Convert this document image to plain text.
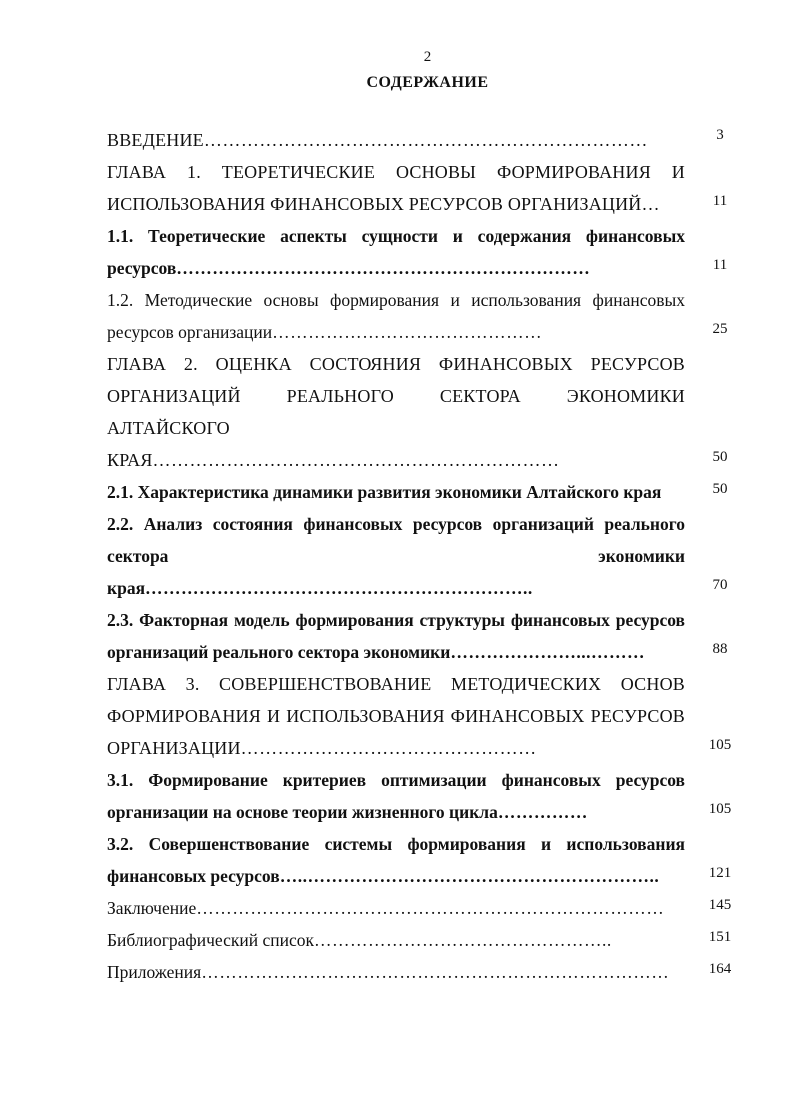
2
СОДЕРЖАНИЕ
ВВЕДЕНИЕ………………………………………………………………	3
ГЛАВА 1. ТЕОРЕТИЧЕСКИЕ ОСНОВЫ ФОРМИРОВАНИЯ И ИСПОЛЬЗОВАНИЯ ФИНАНСОВЫХ РЕСУРСОВ ОРГАНИЗАЦИЙ…	11
1.1. Теоретические аспекты сущности и содержания финансовых ресурсов……………………………………………………………	11
1.2. Методические основы формирования и использования финансовых ресурсов организации………………………………………	25
ГЛАВА 2. ОЦЕНКА СОСТОЯНИЯ ФИНАНСОВЫХ РЕСУРСОВ ОРГАНИЗАЦИЙ РЕАЛЬНОГО СЕКТОРА ЭКОНОМИКИ АЛТАЙСКОГО КРАЯ…………………………………………………………	50
2.1. Характеристика динамики развития экономики Алтайского края	50
2.2. Анализ состояния финансовых ресурсов организаций реального сектора экономики края………………………………………………………..	70
2.3. Факторная модель формирования структуры финансовых ресурсов организаций реального сектора экономики…………………...………	88
ГЛАВА 3. СОВЕРШЕНСТВОВАНИЕ МЕТОДИЧЕСКИХ ОСНОВ ФОРМИРОВАНИЯ И ИСПОЛЬЗОВАНИЯ ФИНАНСОВЫХ РЕСУРСОВ ОРГАНИЗАЦИИ…………………………………………	105
3.1. Формирование критериев оптимизации финансовых ресурсов организации на основе теории жизненного цикла……………	105
3.2. Совершенствование системы формирования и использования финансовых ресурсов…..…………………………………………………..	121
Заключение……………………………………………………………………	145
Библиографический список…………………………………………..	151
Приложения……………………………………………………………………	164
